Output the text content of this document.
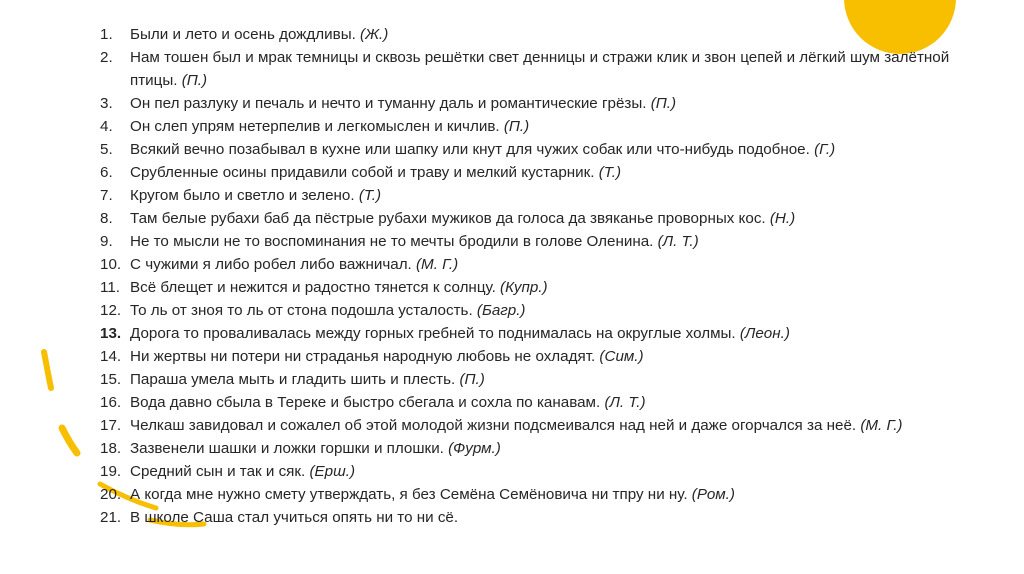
1.	Были и лето и осень дождливы. (Ж.)
2.	Нам тошен был и мрак темницы и сквозь решётки свет денницы и стражи клик и звон цепей и лёгкий шум залётной птицы. (П.)
3.	Он пел разлуку и печаль и нечто и туманну даль и романтические грёзы. (П.)
4.	Он слеп упрям нетерпелив и легкомыслен и кичлив. (П.)
5.	Всякий вечно позабывал в кухне или шапку или кнут для чужих собак или что-нибудь подобное. (Г.)
6.	Срубленные осины придавили собой и траву и мелкий кустарник. (Т.)
7.	Кругом было и светло и зелено. (Т.)
8.	Там белые рубахи баб да пёстрые рубахи мужиков да голоса да звяканье проворных кос. (Н.)
9.	Не то мысли не то воспоминания не то мечты бродили в голове Оленина. (Л. Т.)
10. С чужими я либо робел либо важничал. (М. Г.)
11. Всё блещет и нежится и радостно тянется к солнцу. (Купр.)
12. То ль от зноя то ль от стона подошла усталость. (Багр.)
13. Дорога то проваливалась между горных гребней то поднималась на округлые холмы. (Леон.)
14. Ни жертвы ни потери ни страданья народную любовь не охладят. (Сим.)
15. Параша умела мыть и гладить шить и плесть. (П.)
16. Вода давно сбыла в Тереке и быстро сбегала и сохла по канавам. (Л. Т.)
17. Челкаш завидовал и сожалел об этой молодой жизни подсмеивался над ней и даже огорчался за неё. (М. Г.)
18. Зазвенели шашки и ложки горшки и плошки. (Фурм.)
19. Средний сын и так и сяк. (Ерш.)
20. А когда мне нужно смету утверждать, я без Семёна Семёновича ни тпру ни ну. (Ром.)
21. В школе Саша стал учиться опять ни то ни сё.
